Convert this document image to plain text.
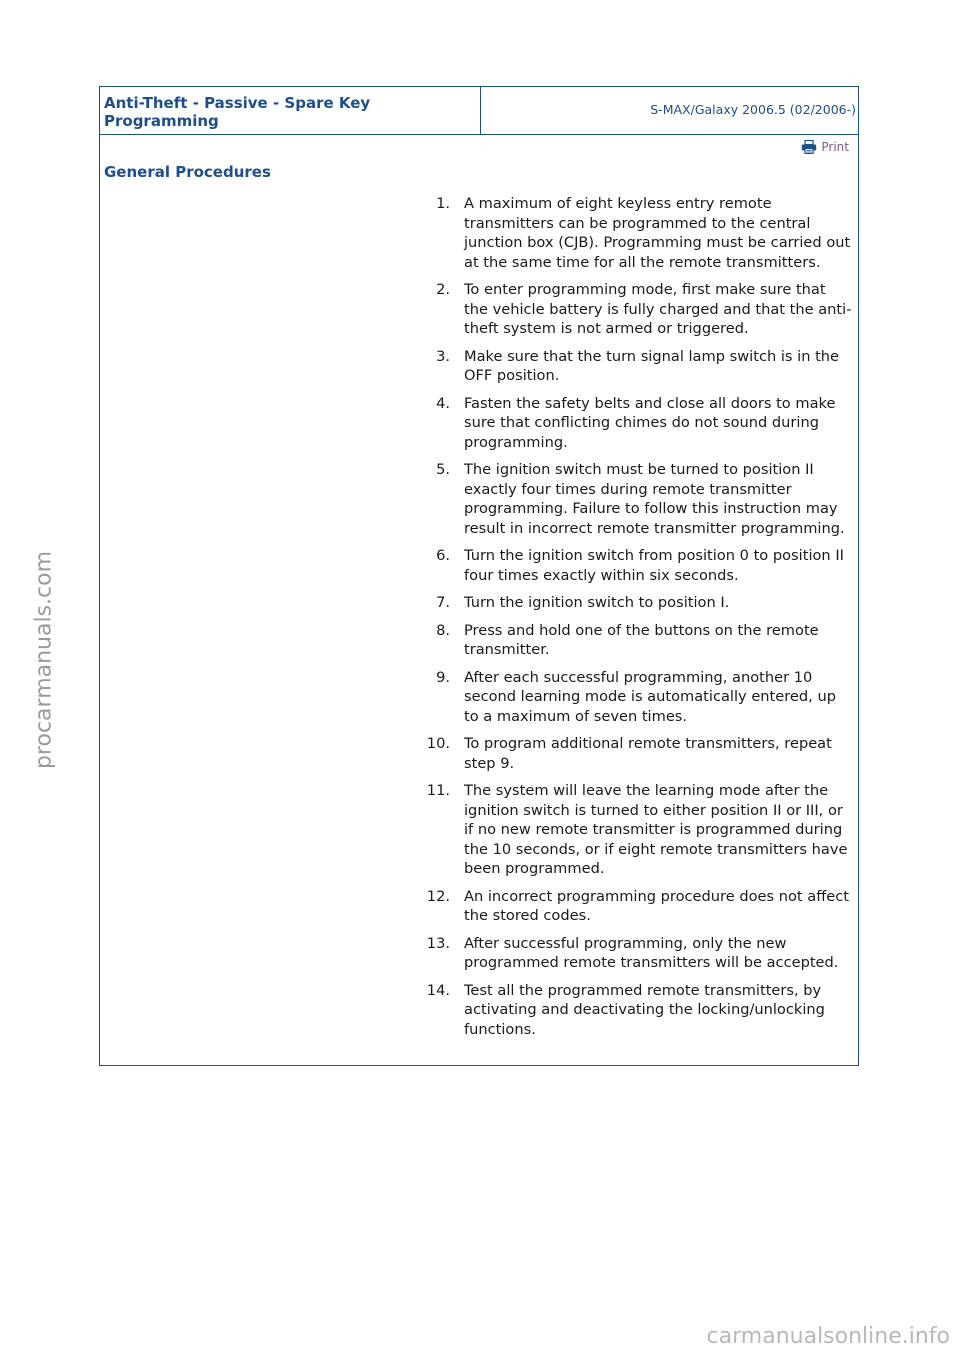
Anti-Theft - Passive - Spare Key Programming
S-MAX/Galaxy 2006.5 (02/2006-)
Print
General Procedures
1. A maximum of eight keyless entry remote transmitters can be programmed to the central junction box (CJB). Programming must be carried out at the same time for all the remote transmitters.
2. To enter programming mode, first make sure that the vehicle battery is fully charged and that the anti-theft system is not armed or triggered.
3. Make sure that the turn signal lamp switch is in the OFF position.
4. Fasten the safety belts and close all doors to make sure that conflicting chimes do not sound during programming.
5. The ignition switch must be turned to position II exactly four times during remote transmitter programming. Failure to follow this instruction may result in incorrect remote transmitter programming.
6. Turn the ignition switch from position 0 to position II four times exactly within six seconds.
7. Turn the ignition switch to position I.
8. Press and hold one of the buttons on the remote transmitter.
9. After each successful programming, another 10 second learning mode is automatically entered, up to a maximum of seven times.
10. To program additional remote transmitters, repeat step 9.
11. The system will leave the learning mode after the ignition switch is turned to either position II or III, or if no new remote transmitter is programmed during the 10 seconds, or if eight remote transmitters have been programmed.
12. An incorrect programming procedure does not affect the stored codes.
13. After successful programming, only the new programmed remote transmitters will be accepted.
14. Test all the programmed remote transmitters, by activating and deactivating the locking/unlocking functions.
procarmanuals.com
carmanualsonline.info
